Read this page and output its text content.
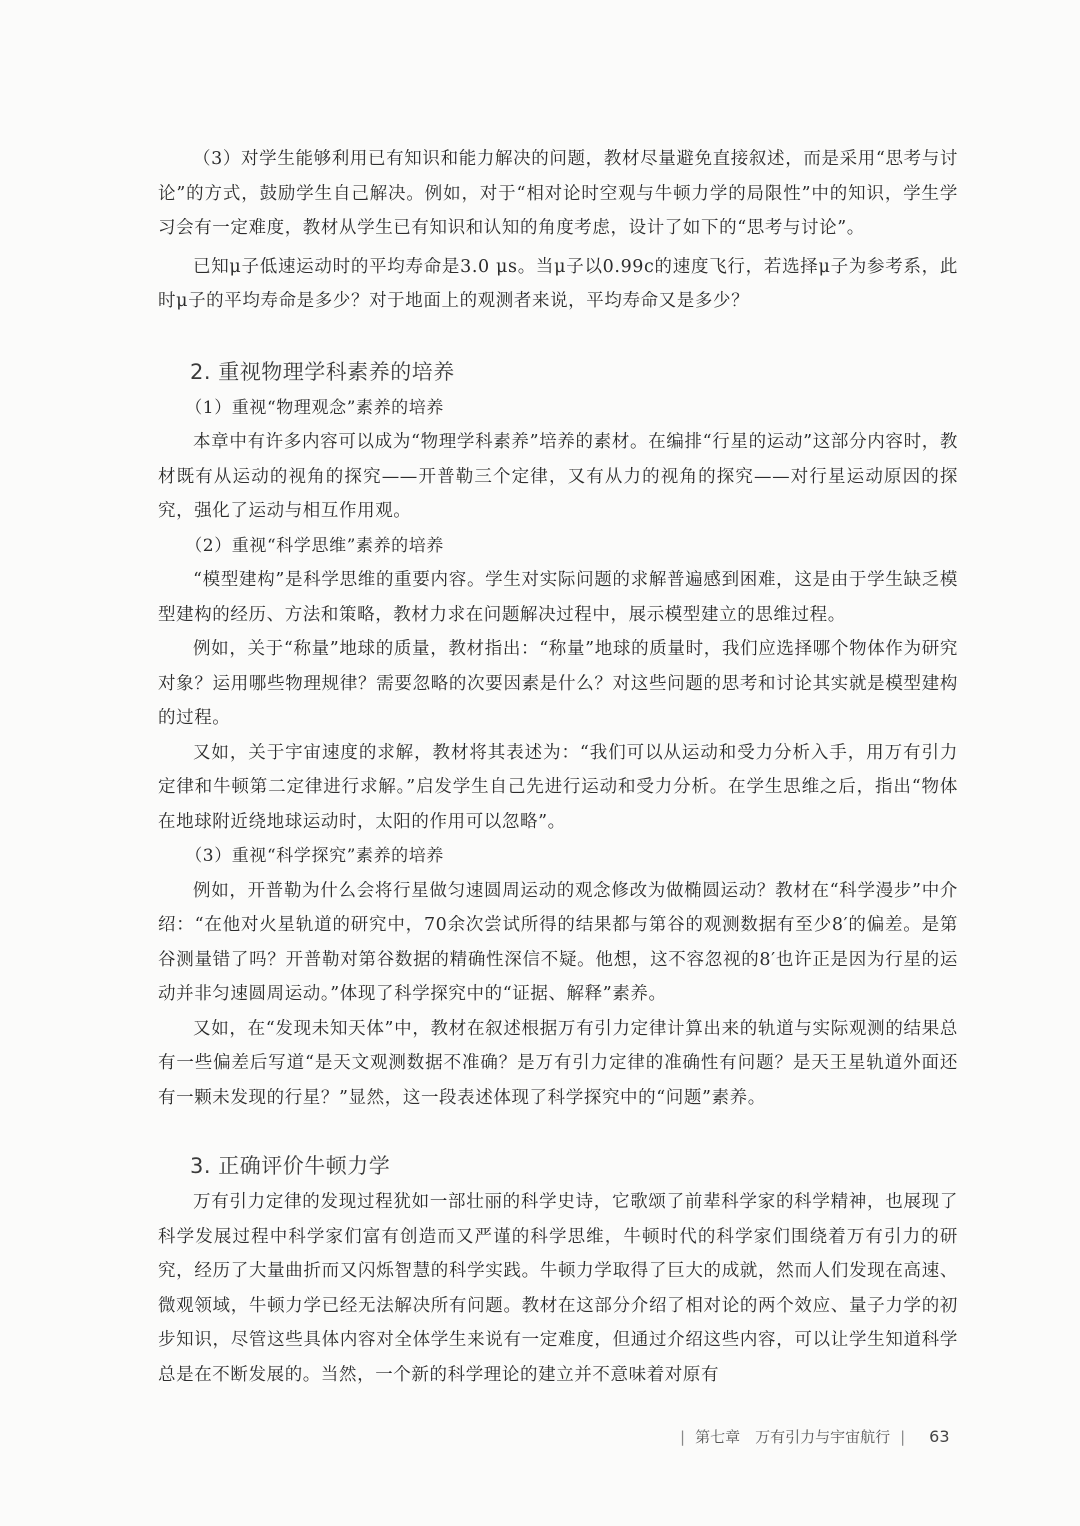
（3）对学生能够利用已有知识和能力解决的问题，教材尽量避免直接叙述，而是采用“思考与讨论”的方式，鼓励学生自己解决。例如，对于“相对论时空观与牛顿力学的局限性”中的知识，学生学习会有一定难度，教材从学生已有知识和认知的角度考虑，设计了如下的“思考与讨论”。

已知μ子低速运动时的平均寿命是3.0 μs。当μ子以0.99c的速度飞行，若选择μ子为参考系，此时μ子的平均寿命是多少？对于地面上的观测者来说，平均寿命又是多少？

2. 重视物理学科素养的培养

（1）重视“物理观念”素养的培养

本章中有许多内容可以成为“物理学科素养”培养的素材。在编排“行星的运动”这部分内容时，教材既有从运动的视角的探究——开普勒三个定律，又有从力的视角的探究——对行星运动原因的探究，强化了运动与相互作用观。

（2）重视“科学思维”素养的培养

“模型建构”是科学思维的重要内容。学生对实际问题的求解普遍感到困难，这是由于学生缺乏模型建构的经历、方法和策略，教材力求在问题解决过程中，展示模型建立的思维过程。

例如，关于“称量”地球的质量，教材指出：“称量”地球的质量时，我们应选择哪个物体作为研究对象？运用哪些物理规律？需要忽略的次要因素是什么？对这些问题的思考和讨论其实就是模型建构的过程。

又如，关于宇宙速度的求解，教材将其表述为：“我们可以从运动和受力分析入手，用万有引力定律和牛顿第二定律进行求解。”启发学生自己先进行运动和受力分析。在学生思维之后，指出“物体在地球附近绕地球运动时，太阳的作用可以忽略”。

（3）重视“科学探究”素养的培养

例如，开普勒为什么会将行星做匀速圆周运动的观念修改为做椭圆运动？教材在“科学漫步”中介绍：“在他对火星轨道的研究中，70余次尝试所得的结果都与第谷的观测数据有至少8′的偏差。是第谷测量错了吗？开普勒对第谷数据的精确性深信不疑。他想，这不容忽视的8′也许正是因为行星的运动并非匀速圆周运动。”体现了科学探究中的“证据、解释”素养。

又如，在“发现未知天体”中，教材在叙述根据万有引力定律计算出来的轨道与实际观测的结果总有一些偏差后写道“是天文观测数据不准确？是万有引力定律的准确性有问题？是天王星轨道外面还有一颗未发现的行星？”显然，这一段表述体现了科学探究中的“问题”素养。

3. 正确评价牛顿力学

万有引力定律的发现过程犹如一部壮丽的科学史诗，它歌颂了前辈科学家的科学精神，也展现了科学发展过程中科学家们富有创造而又严谨的科学思维，牛顿时代的科学家们围绕着万有引力的研究，经历了大量曲折而又闪烁智慧的科学实践。牛顿力学取得了巨大的成就，然而人们发现在高速、微观领域，牛顿力学已经无法解决所有问题。教材在这部分介绍了相对论的两个效应、量子力学的初步知识，尽管这些具体内容对全体学生来说有一定难度，但通过介绍这些内容，可以让学生知道科学总是在不断发展的。当然，一个新的科学理论的建立并不意味着对原有

| 第七章　万有引力与宇宙航行 | 63
